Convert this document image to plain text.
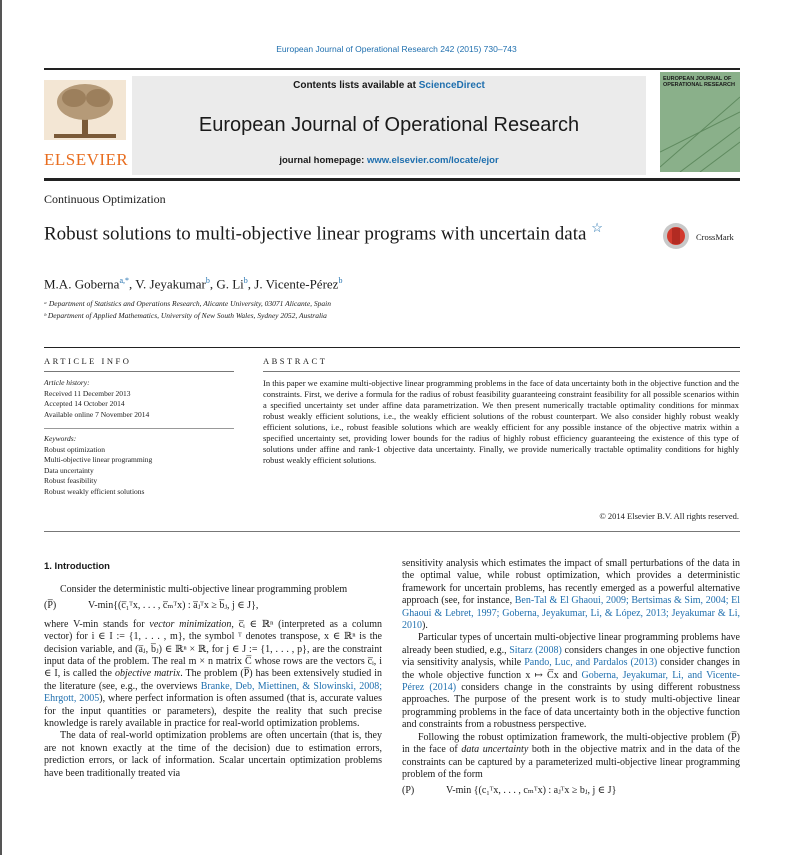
European Journal of Operational Research 242 (2015) 730–743
ELSEVIER
Contents lists available at ScienceDirect
European Journal of Operational Research
journal homepage: www.elsevier.com/locate/ejor
EUROPEAN JOURNAL OF OPERATIONAL RESEARCH
Continuous Optimization
Robust solutions to multi-objective linear programs with uncertain data ☆
CrossMark
M.A. Goberna$^{a,*}$, V. Jeyakumar$^b$, G. Li$^b$, J. Vicente-Pérez$^b$
ᵃ Department of Statistics and Operations Research, Alicante University, 03071 Alicante, Spain
ᵇ Department of Applied Mathematics, University of New South Wales, Sydney 2052, Australia
ARTICLE INFO	ABSTRACT
Article history:
Received 11 December 2013
Accepted 14 October 2014
Available online 7 November 2014
Keywords:
Robust optimization
Multi-objective linear programming
Data uncertainty
Robust feasibility
Robust weakly efficient solutions
In this paper we examine multi-objective linear programming problems in the face of data uncertainty both in the objective function and the constraints. First, we derive a formula for the radius of robust feasibility guaranteeing constraint feasibility for all possible scenarios within a specified uncertainty set under affine data parametrization. We then present numerically tractable optimality conditions for minmax robust weakly efficient solutions, i.e., the weakly efficient solutions of the robust counterpart. We also consider highly robust weakly efficient solutions, i.e., robust feasible solutions which are weakly efficient for any possible instance of the objective matrix within a specified uncertainty set, providing lower bounds for the radius of highly robust efficiency guaranteeing the existence of this type of solutions under affine and rank-1 objective data uncertainty. Finally, we provide numerically tractable optimality conditions for highly robust weakly efficient solutions.
© 2014 Elsevier B.V. All rights reserved.
1. Introduction

Consider the deterministic multi-objective linear programming problem

(P̅)	V-min{(c̅₁ᵀx, . . . , c̅ₘᵀx) : a̅ⱼᵀx ≥ b̅ⱼ, j ∈ J},

where V-min stands for vector minimization, c̅ᵢ ∈ ℝⁿ (interpreted as a column vector) for i ∈ I := {1, . . . , m}, the symbol ᵀ denotes transpose, x ∈ ℝⁿ is the decision variable, and (a̅ⱼ, b̅ⱼ) ∈ ℝⁿ × ℝ, for j ∈ J := {1, . . . , p}, are the constraint input data of the problem. The real m × n matrix C̅ whose rows are the vectors c̅ᵢ, i ∈ I, is called the objective matrix. The problem (P̅) has been extensively studied in the literature (see, e.g., the overviews Branke, Deb, Miettinen, & Slowinski, 2008; Ehrgott, 2005), where perfect information is often assumed (that is, accurate values for the input quantities or parameters), despite the reality that such precise knowledge is rarely available in practice for real-world optimization problems.

The data of real-world optimization problems are often uncertain (that is, they are not known exactly at the time of the decision) due to estimation errors, prediction errors, or lack of information. Scalar uncertain optimization problems have been traditionally treated via

sensitivity analysis which estimates the impact of small perturbations of the data in the optimal value, while robust optimization, which provides a deterministic framework for uncertain problems, has recently emerged as a powerful alternative approach (see, for instance, Ben-Tal & El Ghaoui, 2009; Bertsimas & Sim, 2004; El Ghaoui & Lebret, 1997; Goberna, Jeyakumar, Li, & López, 2013; Jeyakumar & Li, 2010).

Particular types of uncertain multi-objective linear programming problems have already been studied, e.g., Sitarz (2008) considers changes in one objective function via sensitivity analysis, while Pando, Luc, and Pardalos (2013) consider changes in the whole objective function x ↦ C̅x and Goberna, Jeyakumar, Li, and Vicente-Pérez (2014) considers change in the constraints by using different robustness approaches. The purpose of the present work is to study multi-objective linear programming problems in the face of data uncertainty both in the objective function and constraints from a robustness perspective.

Following the robust optimization framework, the multi-objective problem (P̅) in the face of data uncertainty both in the objective matrix and in the data of the constraints can be captured by a parameterized multi-objective linear programming problem of the form

(P)	V-min {(c₁ᵀx, . . . , cₘᵀx) : aⱼᵀx ≥ bⱼ, j ∈ J}
